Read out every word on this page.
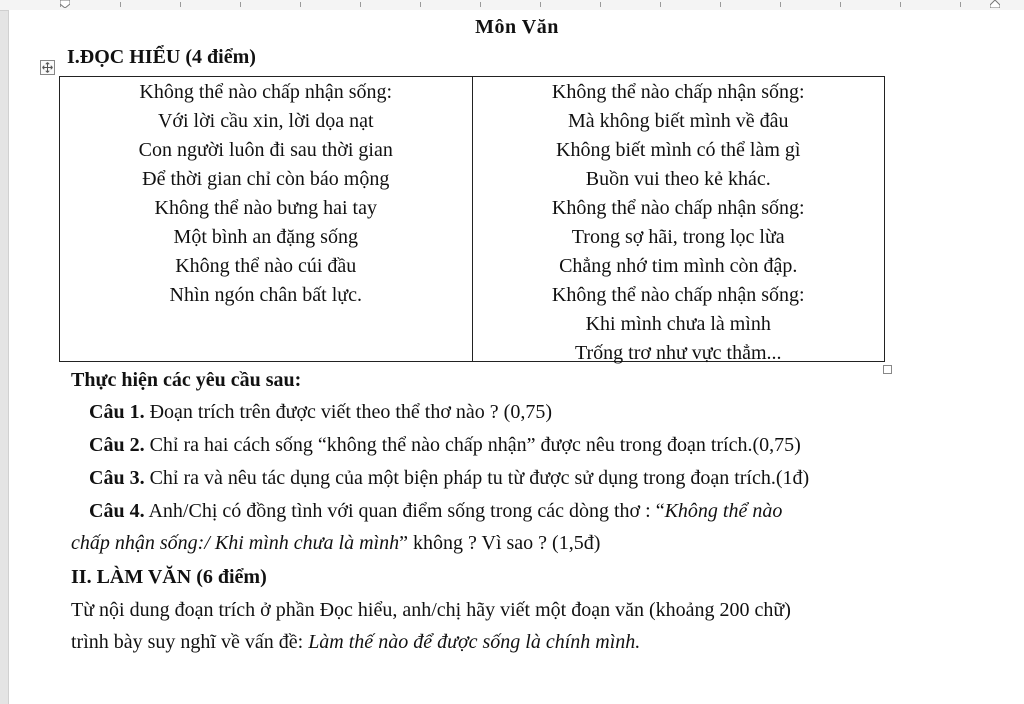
Môn Văn
I.ĐỌC HIỂU (4 điểm)
Không thể nào chấp nhận sống:
Với lời cầu xin, lời dọa nạt
Con người luôn đi sau thời gian
Để thời gian chỉ còn báo mộng
Không thể nào bưng hai tay
Một bình an đặng sống
Không thể nào cúi đầu
Nhìn ngón chân bất lực.
Không thể nào chấp nhận sống:
Mà không biết mình về đâu
Không biết mình có thể làm gì
Buồn vui theo kẻ khác.
Không thể nào chấp nhận sống:
Trong sợ hãi, trong lọc lừa
Chẳng nhớ tim mình còn đập.
Không thể nào chấp nhận sống:
Khi mình chưa là mình
Trống trơ như vực thẳm...
Thực hiện các yêu cầu sau:
Câu 1. Đoạn trích trên được viết theo thể thơ nào ? (0,75)
Câu 2. Chỉ ra hai cách sống “không thể nào chấp nhận” được nêu trong đoạn trích.(0,75)
Câu 3. Chỉ ra và nêu tác dụng của một biện pháp tu từ được sử dụng trong đoạn trích.(1đ)
Câu 4. Anh/Chị có đồng tình với quan điểm sống trong các dòng thơ : “Không thể nào
chấp nhận sống:/ Khi mình chưa là mình” không ? Vì sao ? (1,5đ)
II. LÀM VĂN (6 điểm)
Từ nội dung đoạn trích ở phần Đọc hiểu, anh/chị hãy viết một đoạn văn (khoảng 200 chữ)
trình bày suy nghĩ về vấn đề: Làm thế nào để được sống là chính mình.
